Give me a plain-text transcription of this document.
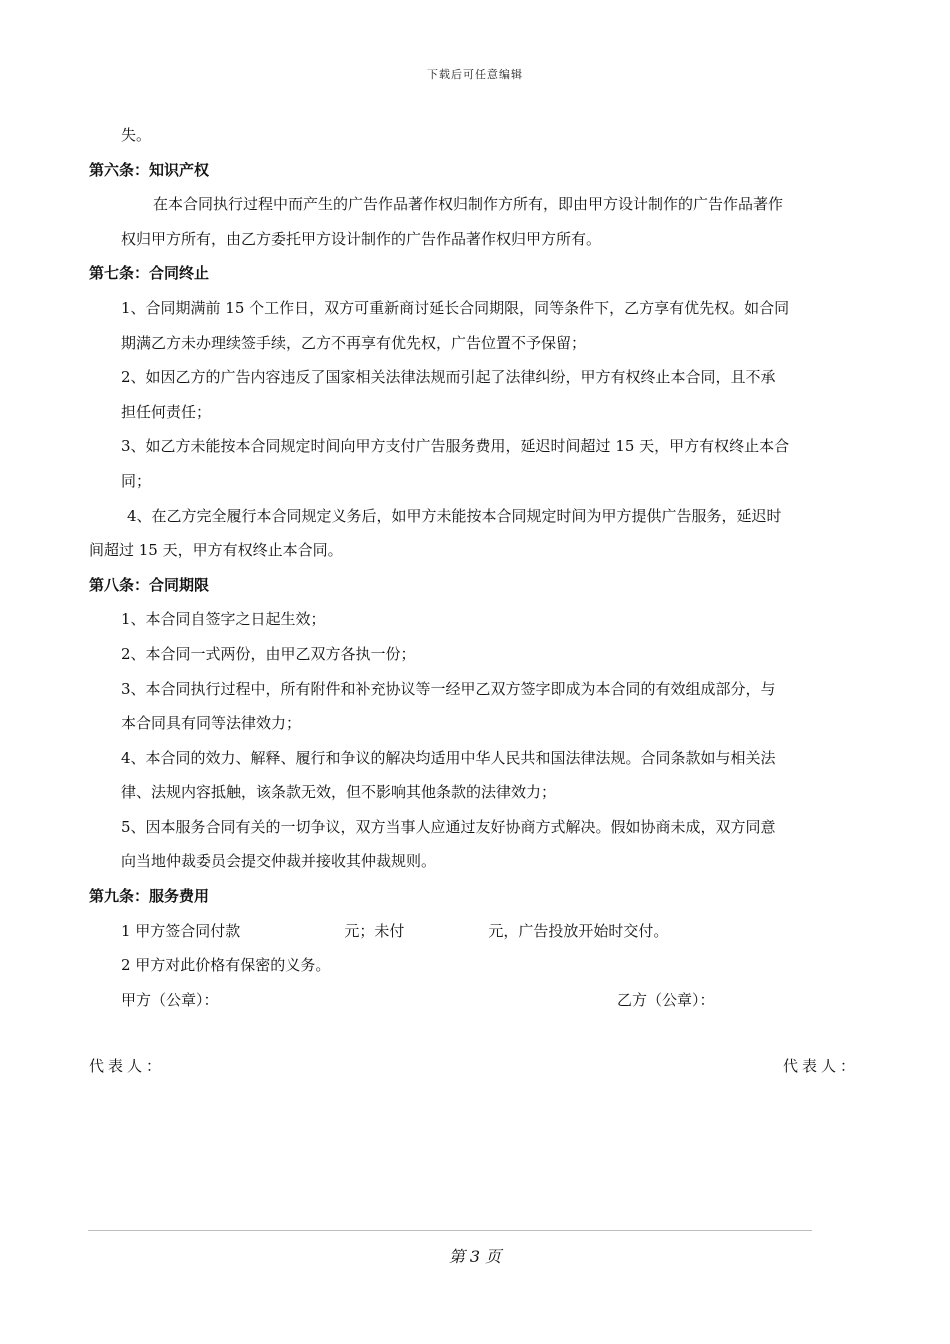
下载后可任意编辑
失。
第六条：知识产权
在本合同执行过程中而产生的广告作品著作权归制作方所有，即由甲方设计制作的广告作品著作
权归甲方所有，由乙方委托甲方设计制作的广告作品著作权归甲方所有。
第七条：合同终止
1、合同期满前 15 个工作日，双方可重新商讨延长合同期限，同等条件下，乙方享有优先权。如合同
期满乙方未办理续签手续，乙方不再享有优先权，广告位置不予保留；
2、如因乙方的广告内容违反了国家相关法律法规而引起了法律纠纷，甲方有权终止本合同，且不承
担任何责任；
3、如乙方未能按本合同规定时间向甲方支付广告服务费用，延迟时间超过 15 天，甲方有权终止本合
同；
4、在乙方完全履行本合同规定义务后，如甲方未能按本合同规定时间为甲方提供广告服务，延迟时
间超过 15 天，甲方有权终止本合同。
第八条：合同期限
1、本合同自签字之日起生效；
2、本合同一式两份，由甲乙双方各执一份；
3、本合同执行过程中，所有附件和补充协议等一经甲乙双方签字即成为本合同的有效组成部分，与
本合同具有同等法律效力；
4、本合同的效力、解释、履行和争议的解决均适用中华人民共和国法律法规。合同条款如与相关法
律、法规内容抵触，该条款无效，但不影响其他条款的法律效力；
5、因本服务合同有关的一切争议，双方当事人应通过友好协商方式解决。假如协商未成，双方同意
向当地仲裁委员会提交仲裁并接收其仲裁规则。
第九条：服务费用
1 甲方签合同付款	元；未付	元，广告投放开始时交付。
2 甲方对此价格有保密的义务。
甲方（公章）：	乙方（公章）：
代表人：	代表人：
第 3 页
